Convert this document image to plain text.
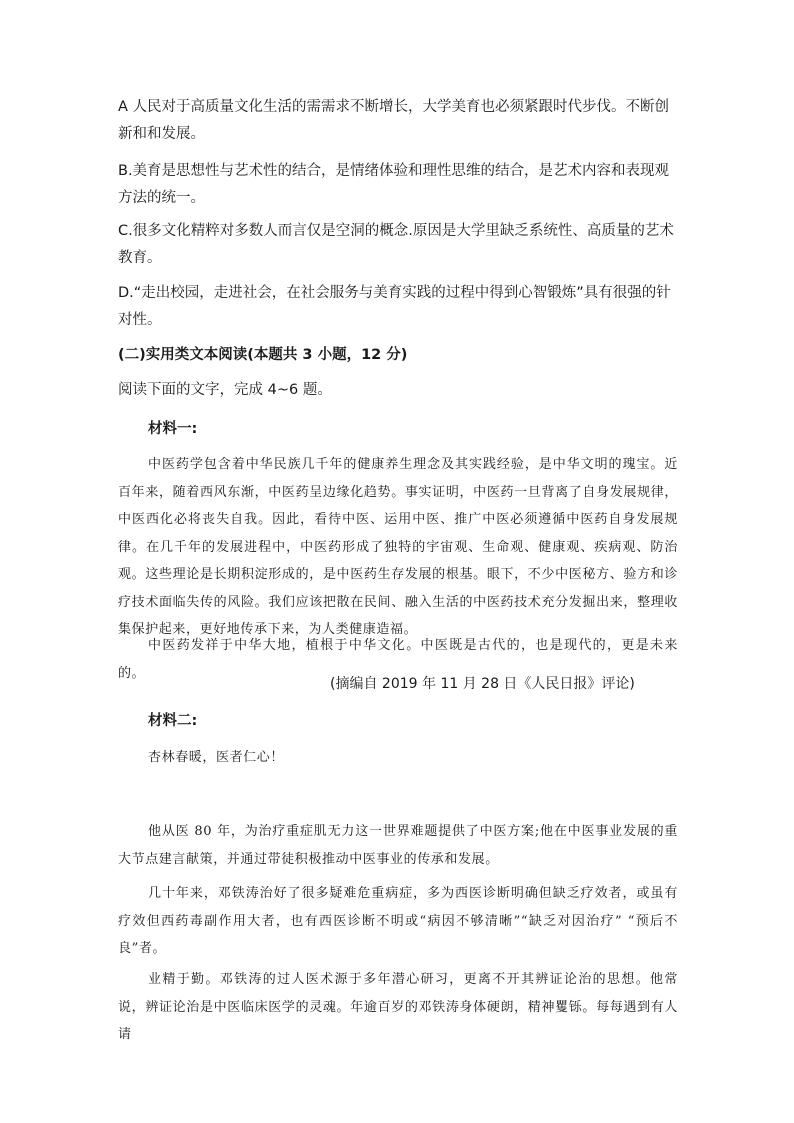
A 人民对于高质量文化生活的需需求不断增长，大学美育也必须紧跟时代步伐。不断创新和和发展。

B.美育是思想性与艺术性的结合，是情绪体验和理性思维的结合，是艺术内容和表现观方法的统一。

C.很多文化精粹对多数人而言仅是空洞的概念.原因是大学里缺乏系统性、高质量的艺术教育。

D.“走出校园，走进社会，在社会服务与美育实践的过程中得到心智锻炼”具有很强的针对性。

(二)实用类文本阅读(本题共 3 小题，12 分)

阅读下面的文字，完成 4~6 题。

材料一:

中医药学包含着中华民族几千年的健康养生理念及其实践经验，是中华文明的瑰宝。近百年来，随着西风东渐，中医药呈边缘化趋势。事实证明，中医药一旦背离了自身发展规律，中医西化必将丧失自我。因此，看待中医、运用中医、推广中医必须遵循中医药自身发展规律。在几千年的发展进程中，中医药形成了独特的宇宙观、生命观、健康观、疾病观、防治观。这些理论是长期积淀形成的，是中医药生存发展的根基。眼下，不少中医秘方、验方和诊疗技术面临失传的风险。我们应该把散在民间、融入生活的中医药技术充分发掘出来，整理收集保护起来，更好地传承下来，为人类健康造福。

中医药发祥于中华大地，植根于中华文化。中医既是古代的，也是现代的，更是未来的。

(摘编自 2019 年 11 月 28 日《人民日报》评论)

材料二:

杏林春暖，医者仁心！

他从医 80 年，为治疗重症肌无力这一世界难题提供了中医方案;他在中医事业发展的重大节点建言献策，并通过带徒积极推动中医事业的传承和发展。

几十年来，邓铁涛治好了很多疑难危重病症，多为西医诊断明确但缺乏疗效者，或虽有疗效但西药毒副作用大者，也有西医诊断不明或“病因不够清晰”“缺乏对因治疗” “预后不良”者。

业精于勤。邓铁涛的过人医术源于多年潜心研习，更离不开其辨证论治的思想。他常说，辨证论治是中医临床医学的灵魂。年逾百岁的邓铁涛身体硬朗，精神矍铄。每每遇到有人请
